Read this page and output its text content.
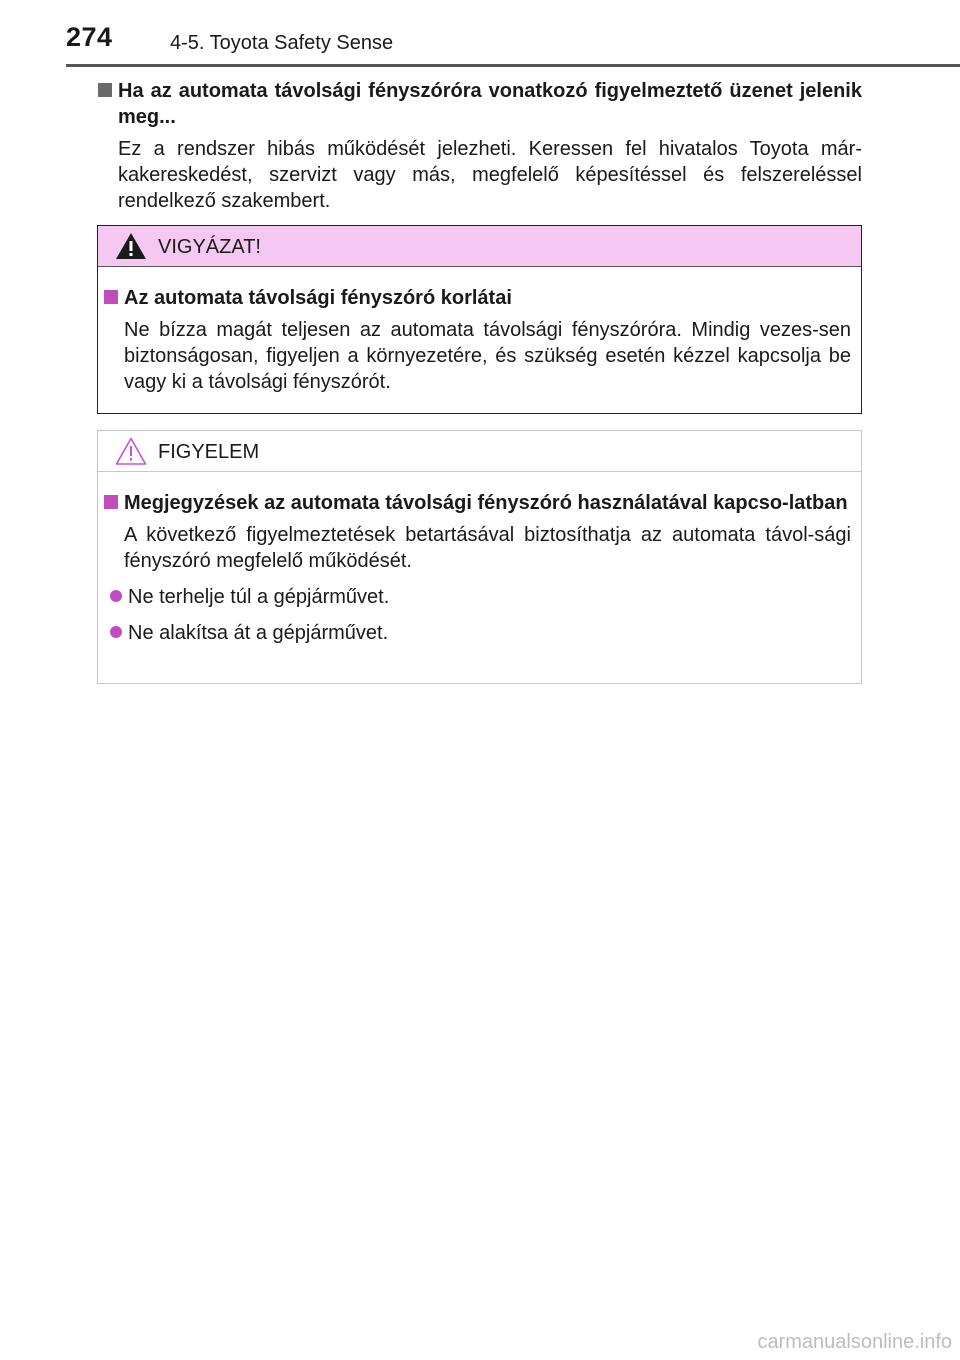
274	4-5. Toyota Safety Sense
Ha az automata távolsági fényszóróra vonatkozó figyelmeztető üzenet jelenik meg...
Ez a rendszer hibás működését jelezheti. Keressen fel hivatalos Toyota már-kakereskedést, szervizt vagy más, megfelelő képesítéssel és felszereléssel rendelkező szakembert.
VIGYÁZAT!
Az automata távolsági fényszóró korlátai
Ne bízza magát teljesen az automata távolsági fényszóróra. Mindig vezes-sen biztonságosan, figyeljen a környezetére, és szükség esetén kézzel kapcsolja be vagy ki a távolsági fényszórót.
FIGYELEM
Megjegyzések az automata távolsági fényszóró használatával kapcso-latban
A következő figyelmeztetések betartásával biztosíthatja az automata távol-sági fényszóró megfelelő működését.
Ne terhelje túl a gépjárművet.
Ne alakítsa át a gépjárművet.
carmanualsonline.info
